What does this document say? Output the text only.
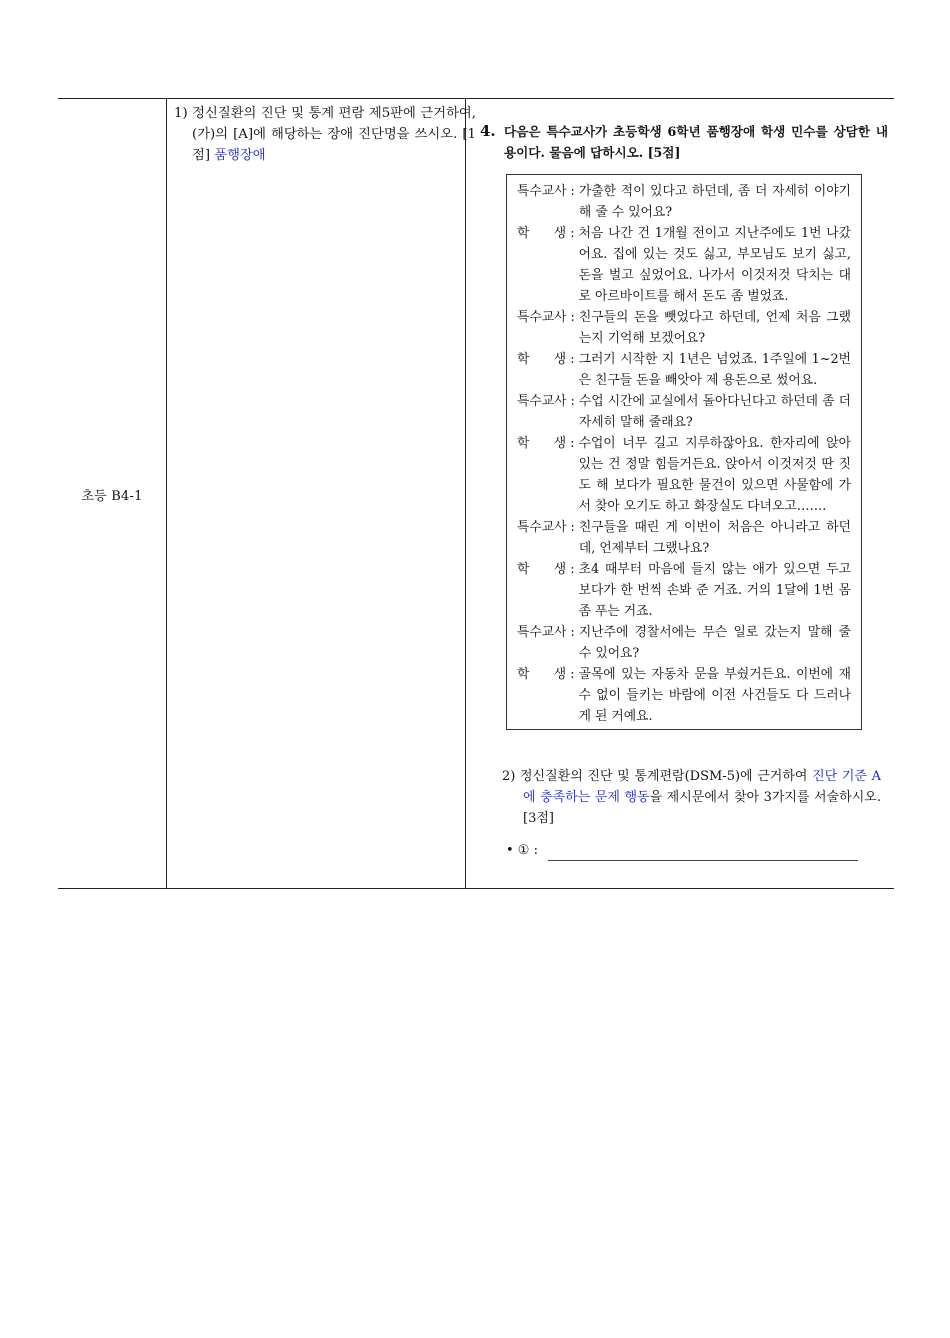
초등 B4-1
1) 정신질환의 진단 및 통계 편람 제5판에 근거하여, (가)의 [A]에 해당하는 장애 진단명을 쓰시오. [1점] 품행장애
4. 다음은 특수교사가 초등학생 6학년 품행장애 학생 민수를 상담한 내용이다. 물음에 답하시오. [5점]
특수교사 : 가출한 적이 있다고 하던데, 좀 더 자세히 이야기 해 줄 수 있어요?
학      생 : 처음 나간 건 1개월 전이고 지난주에도 1번 나갔어요. 집에 있는 것도 싫고, 부모님도 보기 싫고, 돈을 벌고 싶었어요. 나가서 이것저것 닥치는 대로 아르바이트를 해서 돈도 좀 벌었죠.
특수교사 : 친구들의 돈을 뺏었다고 하던데, 언제 처음 그랬는지 기억해 보겠어요?
학      생 : 그러기 시작한 지 1년은 넘었죠. 1주일에 1~2번은 친구들 돈을 빼앗아 제 용돈으로 썼어요.
특수교사 : 수업 시간에 교실에서 돌아다닌다고 하던데 좀 더 자세히 말해 줄래요?
학      생 : 수업이 너무 길고 지루하잖아요. 한자리에 앉아 있는 건 정말 힘들거든요. 앉아서 이것저것 딴 짓도 해 보다가 필요한 물건이 있으면 사물함에 가서 찾아 오기도 하고 화장실도 다녀오고…….
특수교사 : 친구들을 때린 게 이번이 처음은 아니라고 하던데, 언제부터 그랬나요?
학      생 : 초4 때부터 마음에 들지 않는 애가 있으면 두고 보다가 한 번씩 손봐 준 거죠. 거의 1달에 1번 몸 좀 푸는 거죠.
특수교사 : 지난주에 경찰서에는 무슨 일로 갔는지 말해 줄 수 있어요?
학      생 : 골목에 있는 자동차 문을 부쉈거든요. 이번에 재수 없이 들키는 바람에 이전 사건들도 다 드러나게 된 거예요.
2) 정신질환의 진단 및 통계편람(DSM-5)에 근거하여 진단 기준 A에 충족하는 문제 행동을 제시문에서 찾아 3가지를 서술하시오. [3점]
• ① :
